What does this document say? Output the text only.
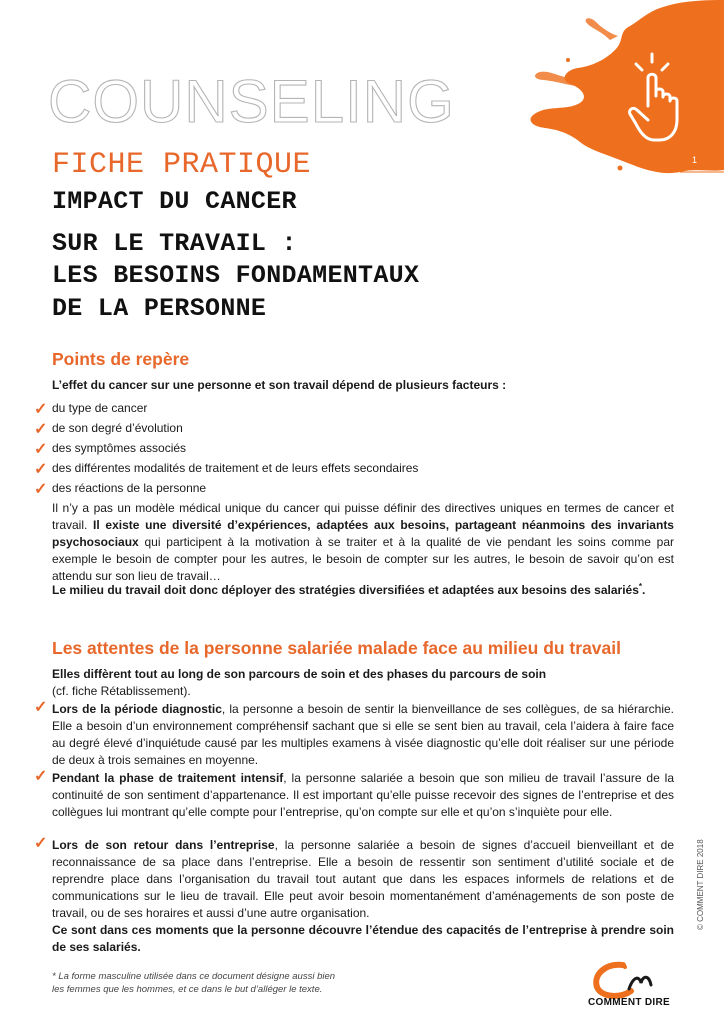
1
COUNSELING
FICHE PRATIQUE
IMPACT DU CANCER
SUR LE TRAVAIL :
LES BESOINS FONDAMENTAUX
DE LA PERSONNE
Points de repère
L’effet du cancer sur une personne et son travail dépend de plusieurs facteurs :
✓ du type de cancer
✓ de son degré d’évolution
✓ des symptômes associés
✓ des différentes modalités de traitement et de leurs effets secondaires
✓ des réactions de la personne
Il n’y a pas un modèle médical unique du cancer qui puisse définir des directives uniques en termes de cancer et travail. Il existe une diversité d’expériences, adaptées aux besoins, partageant néanmoins des invariants psychosociaux qui participent à la motivation à se traiter et à la qualité de vie pendant les soins comme par exemple le besoin de compter pour les autres, le besoin de compter sur les autres, le besoin de savoir qu’on est attendu sur son lieu de travail…
Le milieu du travail doit donc déployer des stratégies diversifiées et adaptées aux besoins des salariés*.
Les attentes de la personne salariée malade face au milieu du travail
Elles diffèrent tout au long de son parcours de soin et des phases du parcours de soin
(cf. fiche Rétablissement).
✓ Lors de la période diagnostic, la personne a besoin de sentir la bienveillance de ses collègues, de sa hiérarchie. Elle a besoin d’un environnement compréhensif sachant que si elle se sent bien au travail, cela l’aidera à faire face au degré élevé d’inquiétude causé par les multiples examens à visée diagnostic qu’elle doit réaliser sur une période de deux à trois semaines en moyenne.
✓ Pendant la phase de traitement intensif, la personne salariée a besoin que son milieu de travail l’assure de la continuité de son sentiment d’appartenance. Il est important qu’elle puisse recevoir des signes de l’entreprise et des collègues lui montrant qu’elle compte pour l’entreprise, qu’on compte sur elle et qu’on s’inquiète pour elle.
✓ Lors de son retour dans l’entreprise, la personne salariée a besoin de signes d’accueil bienveillant et de reconnaissance de sa place dans l’entreprise. Elle a besoin de ressentir son sentiment d’utilité sociale et de reprendre place dans l’organisation du travail tout autant que dans les espaces informels de relations et de communications sur le lieu de travail. Elle peut avoir besoin momentanément d’aménagements de son poste de travail, ou de ses horaires et aussi d’une autre organisation.
Ce sont dans ces moments que la personne découvre l’étendue des capacités de l’entreprise à prendre soin de ses salariés.
© COMMENT DIRE 2018
* La forme masculine utilisée dans ce document désigne aussi bien
les femmes que les hommes, et ce dans le but d’alléger le texte.
COMMENT DIRE
